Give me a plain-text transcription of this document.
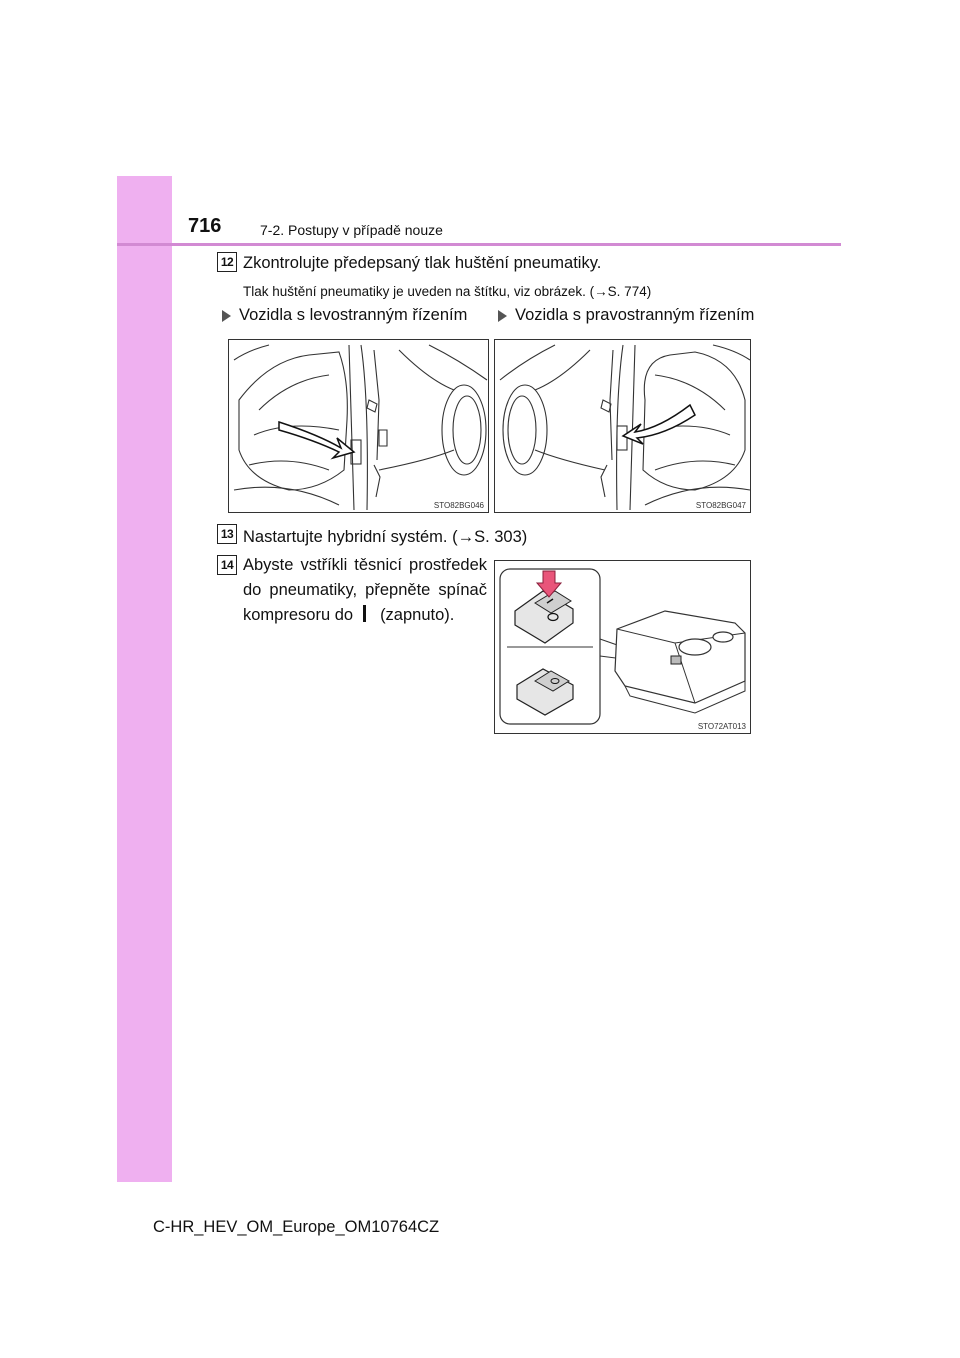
716	7-2. Postupy v případě nouze
12 Zkontrolujte předepsaný tlak huštění pneumatiky.
Tlak huštění pneumatiky je uveden na štítku, viz obrázek. (→S. 774)
Vozidla s levostranným řízením	Vozidla s pravostranným řízením
STO82BG046	STO82BG047
13 Nastartujte hybridní systém. (→S. 303)
14 Abyste vstříkli těsnicí prostředek
do pneumatiky, přepněte spínač
kompresoru do (zapnuto).
STO72AT013
C-HR_HEV_OM_Europe_OM10764CZ
